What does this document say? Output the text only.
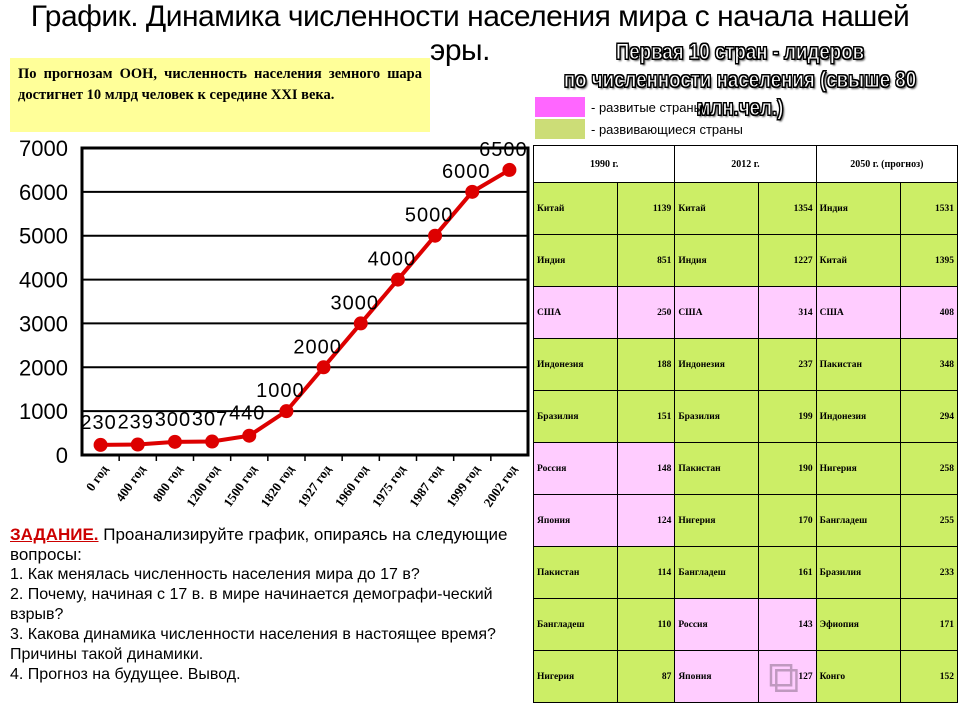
График. Динамика численности населения мира с начала нашей
эры.
По прогнозам ООН, численность населения земного шара достигнет 10 млрд человек к середине XXI века.
Первая 10 стран - лидеров
по численности населения (свыше 80 млн.чел.)
- развитые страны
- развивающиеся страны
0
1000
2000
3000
4000
5000
6000
7000
230 239 300 307 440
1000
2000
3000
4000
5000
6000
6500
0 год 400 год 800 год
1200 год
1500 год
1820 год
1927 год
1960 год
1975 год
1987 год
1999 год
2002 год
1990 г.		2012 г.		2050 г. (прогноз)	
Китай	1139	Китай	1354	Индия	1531
Индия	851	Индия	1227	Китай	1395
США	250	США	314	США	408
Индонезия	188	Индонезия	237	Пакистан	348
Бразилия	151	Бразилия	199	Индонезия	294
Россия	148	Пакистан	190	Нигерия	258
Япония	124	Нигерия	170	Бангладеш	255
Пакистан	114	Бангладеш	161	Бразилия	233
Бангладеш	110	Россия	143	Эфиопия	171
Нигерия	87	Япония	127	Конго	152
ЗАДАНИЕ. Проанализируйте график, опираясь на следующие вопросы:

1. Как менялась численность населения мира до 17 в?

2. Почему, начиная с 17 в. в мире начинается демографи-ческий взрыв?

3. Какова динамика численности населения в настоящее время? Причины такой динамики.

4. Прогноз на будущее. Вывод.	⧉
